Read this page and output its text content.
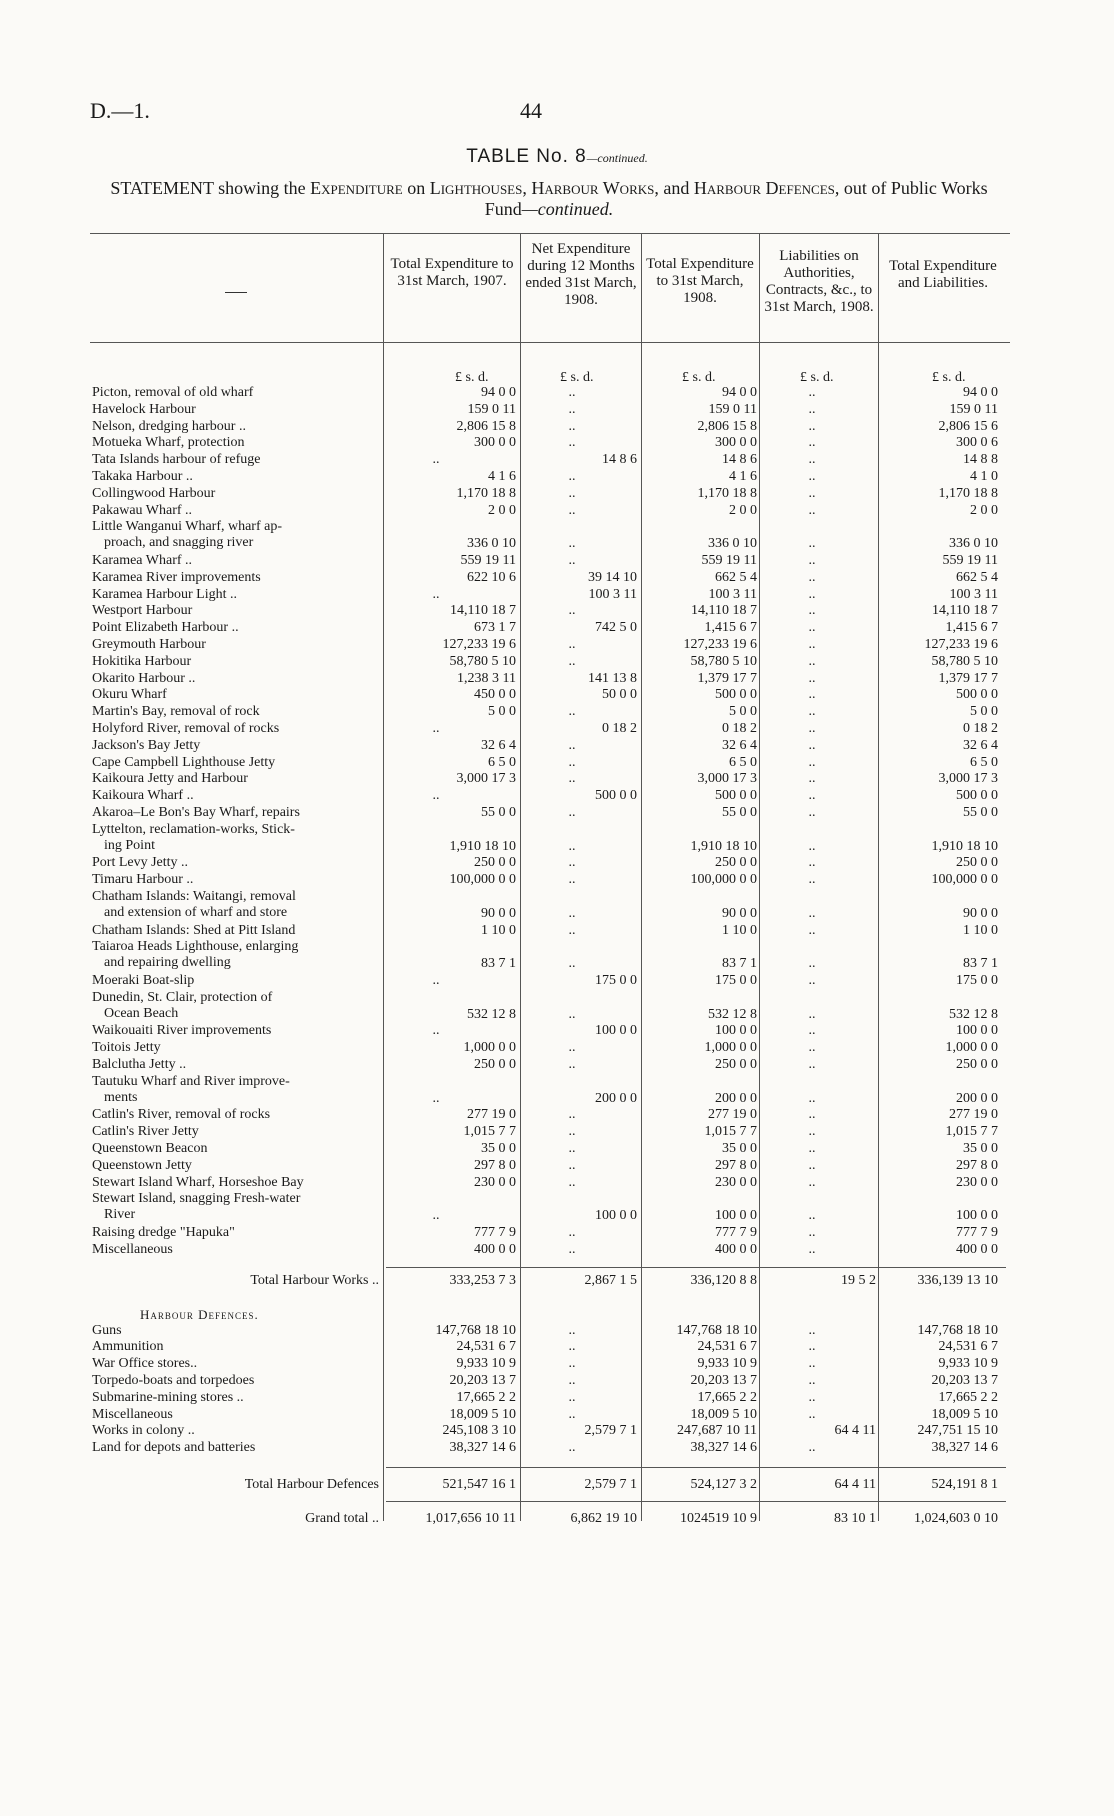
D.—1.	44
TABLE No. 8—continued.
STATEMENT showing the Expenditure on Lighthouses, Harbour Works, and Harbour Defences, out of Public Works Fund—continued.
Total Expenditure to 31st March, 1907.
Net Expenditure during 12 Months ended 31st March, 1908.
Total Expenditure to 31st March, 1908.
Liabilities on Authorities, Contracts, &c., to 31st March, 1908.
Total Expenditure and Liabilities.
£ s. d.	£ s. d.	£ s. d.	£ s. d.	£ s. d.
Picton, removal of old wharf	94 0 0	..	94 0 0	..	94 0 0
Havelock Harbour	159 0 11	..	159 0 11	..	159 0 11
Nelson, dredging harbour ..	2,806 15 8	..	2,806 15 8	..	2,806 15 6
Motueka Wharf, protection	300 0 0	..	300 0 0	..	300 0 6
Tata Islands harbour of refuge	..	14 8 6	14 8 6	..	14 8 8
Takaka Harbour ..	4 1 6	..	4 1 6	..	4 1 0
Collingwood Harbour	1,170 18 8	..	1,170 18 8	..	1,170 18 8
Pakawau Wharf ..	2 0 0	..	2 0 0	..	2 0 0
Little Wanganui Wharf, wharf ap-
proach, and snagging river	336 0 10	..	336 0 10	..	336 0 10
Karamea Wharf ..	559 19 11	..	559 19 11	..	559 19 11
Karamea River improvements	622 10 6	39 14 10	662 5 4	..	662 5 4
Karamea Harbour Light ..	..	100 3 11	100 3 11	..	100 3 11
Westport Harbour	14,110 18 7	..	14,110 18 7	..	14,110 18 7
Point Elizabeth Harbour ..	673 1 7	742 5 0	1,415 6 7	..	1,415 6 7
Greymouth Harbour	127,233 19 6	..	127,233 19 6	..	127,233 19 6
Hokitika Harbour	58,780 5 10	..	58,780 5 10	..	58,780 5 10
Okarito Harbour ..	1,238 3 11	141 13 8	1,379 17 7	..	1,379 17 7
Okuru Wharf	450 0 0	50 0 0	500 0 0	..	500 0 0
Martin's Bay, removal of rock	5 0 0	..	5 0 0	..	5 0 0
Holyford River, removal of rocks	..	0 18 2	0 18 2	..	0 18 2
Jackson's Bay Jetty	32 6 4	..	32 6 4	..	32 6 4
Cape Campbell Lighthouse Jetty	6 5 0	..	6 5 0	..	6 5 0
Kaikoura Jetty and Harbour	3,000 17 3	..	3,000 17 3	..	3,000 17 3
Kaikoura Wharf ..	..	500 0 0	500 0 0	..	500 0 0
Akaroa–Le Bon's Bay Wharf, repairs	55 0 0	..	55 0 0	..	55 0 0
Lyttelton, reclamation-works, Stick-
ing Point	1,910 18 10	..	1,910 18 10	..	1,910 18 10
Port Levy Jetty ..	250 0 0	..	250 0 0	..	250 0 0
Timaru Harbour ..	100,000 0 0	..	100,000 0 0	..	100,000 0 0
Chatham Islands: Waitangi, removal
and extension of wharf and store	90 0 0	..	90 0 0	..	90 0 0
Chatham Islands: Shed at Pitt Island	1 10 0	..	1 10 0	..	1 10 0
Taiaroa Heads Lighthouse, enlarging
and repairing dwelling	83 7 1	..	83 7 1	..	83 7 1
Moeraki Boat-slip	..	175 0 0	175 0 0	..	175 0 0
Dunedin, St. Clair, protection of
Ocean Beach	532 12 8	..	532 12 8	..	532 12 8
Waikouaiti River improvements	..	100 0 0	100 0 0	..	100 0 0
Toitois Jetty	1,000 0 0	..	1,000 0 0	..	1,000 0 0
Balclutha Jetty ..	250 0 0	..	250 0 0	..	250 0 0
Tautuku Wharf and River improve-
ments	..	200 0 0	200 0 0	..	200 0 0
Catlin's River, removal of rocks	277 19 0	..	277 19 0	..	277 19 0
Catlin's River Jetty	1,015 7 7	..	1,015 7 7	..	1,015 7 7
Queenstown Beacon	35 0 0	..	35 0 0	..	35 0 0
Queenstown Jetty	297 8 0	..	297 8 0	..	297 8 0
Stewart Island Wharf, Horseshoe Bay	230 0 0	..	230 0 0	..	230 0 0
Stewart Island, snagging Fresh-water
River	..	100 0 0	100 0 0	..	100 0 0
Raising dredge "Hapuka"	777 7 9	..	777 7 9	..	777 7 9
Miscellaneous	400 0 0	..	400 0 0	..	400 0 0
Total Harbour Works ..	333,253 7 3	2,867 1 5	336,120 8 8	19 5 2	336,139 13 10
Harbour Defences.
Guns	147,768 18 10	..	147,768 18 10	..	147,768 18 10
Ammunition	24,531 6 7	..	24,531 6 7	..	24,531 6 7
War Office stores..	9,933 10 9	..	9,933 10 9	..	9,933 10 9
Torpedo-boats and torpedoes	20,203 13 7	..	20,203 13 7	..	20,203 13 7
Submarine-mining stores ..	17,665 2 2	..	17,665 2 2	..	17,665 2 2
Miscellaneous	18,009 5 10	..	18,009 5 10	..	18,009 5 10
Works in colony ..	245,108 3 10	2,579 7 1	247,687 10 11	64 4 11	247,751 15 10
Land for depots and batteries	38,327 14 6	..	38,327 14 6	..	38,327 14 6
Total Harbour Defences	521,547 16 1	2,579 7 1	524,127 3 2	64 4 11	524,191 8 1
Grand total ..	1,017,656 10 11	6,862 19 10	1024519 10 9	83 10 1	1,024,603 0 10
